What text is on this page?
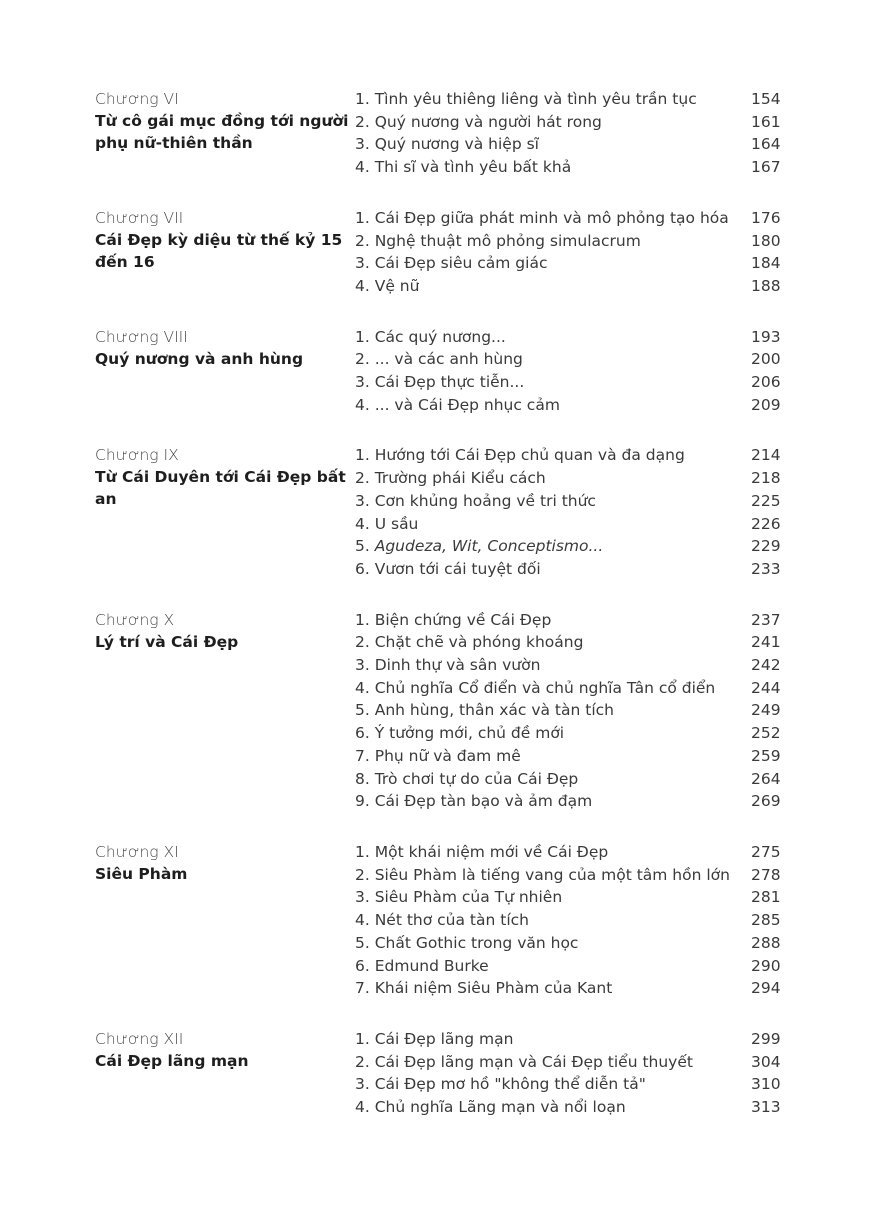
Chương VI
Từ cô gái mục đồng tới người phụ nữ-thiên thần
1. Tình yêu thiêng liêng và tình yêu trần tục	154
2. Quý nương và người hát rong	161
3. Quý nương và hiệp sĩ	164
4. Thi sĩ và tình yêu bất khả	167
Chương VII
Cái Đẹp kỳ diệu từ thế kỷ 15 đến 16
1. Cái Đẹp giữa phát minh và mô phỏng tạo hóa 176
2. Nghệ thuật mô phỏng simulacrum	180
3. Cái Đẹp siêu cảm giác	184
4. Vệ nữ	188
Chương VIII
Quý nương và anh hùng
1. Các quý nương...	193
2. ... và các anh hùng	200
3. Cái Đẹp thực tiễn...	206
4. ... và Cái Đẹp nhục cảm	209
Chương IX
Từ Cái Duyên tới Cái Đẹp bất an
1. Hướng tới Cái Đẹp chủ quan và đa dạng	214
2. Trường phái Kiểu cách	218
3. Cơn khủng hoảng về tri thức	225
4. U sầu	226
5. Agudeza, Wit, Conceptismo...	229
6. Vươn tới cái tuyệt đối	233
Chương X
Lý trí và Cái Đẹp
1. Biện chứng về Cái Đẹp	237
2. Chặt chẽ và phóng khoáng	241
3. Dinh thự và sân vườn	242
4. Chủ nghĩa Cổ điển và chủ nghĩa Tân cổ điển 244
5. Anh hùng, thân xác và tàn tích	249
6. Ý tưởng mới, chủ đề mới	252
7. Phụ nữ và đam mê	259
8. Trò chơi tự do của Cái Đẹp	264
9. Cái Đẹp tàn bạo và ảm đạm	269
Chương XI
Siêu Phàm
1. Một khái niệm mới về Cái Đẹp	275
2. Siêu Phàm là tiếng vang của một tâm hồn lớn 278
3. Siêu Phàm của Tự nhiên	281
4. Nét thơ của tàn tích	285
5. Chất Gothic trong văn học	288
6. Edmund Burke	290
7. Khái niệm Siêu Phàm của Kant	294
Chương XII
Cái Đẹp lãng mạn
1. Cái Đẹp lãng mạn	299
2. Cái Đẹp lãng mạn và Cái Đẹp tiểu thuyết	304
3. Cái Đẹp mơ hồ "không thể diễn tả"	310
4. Chủ nghĩa Lãng mạn và nổi loạn	313
